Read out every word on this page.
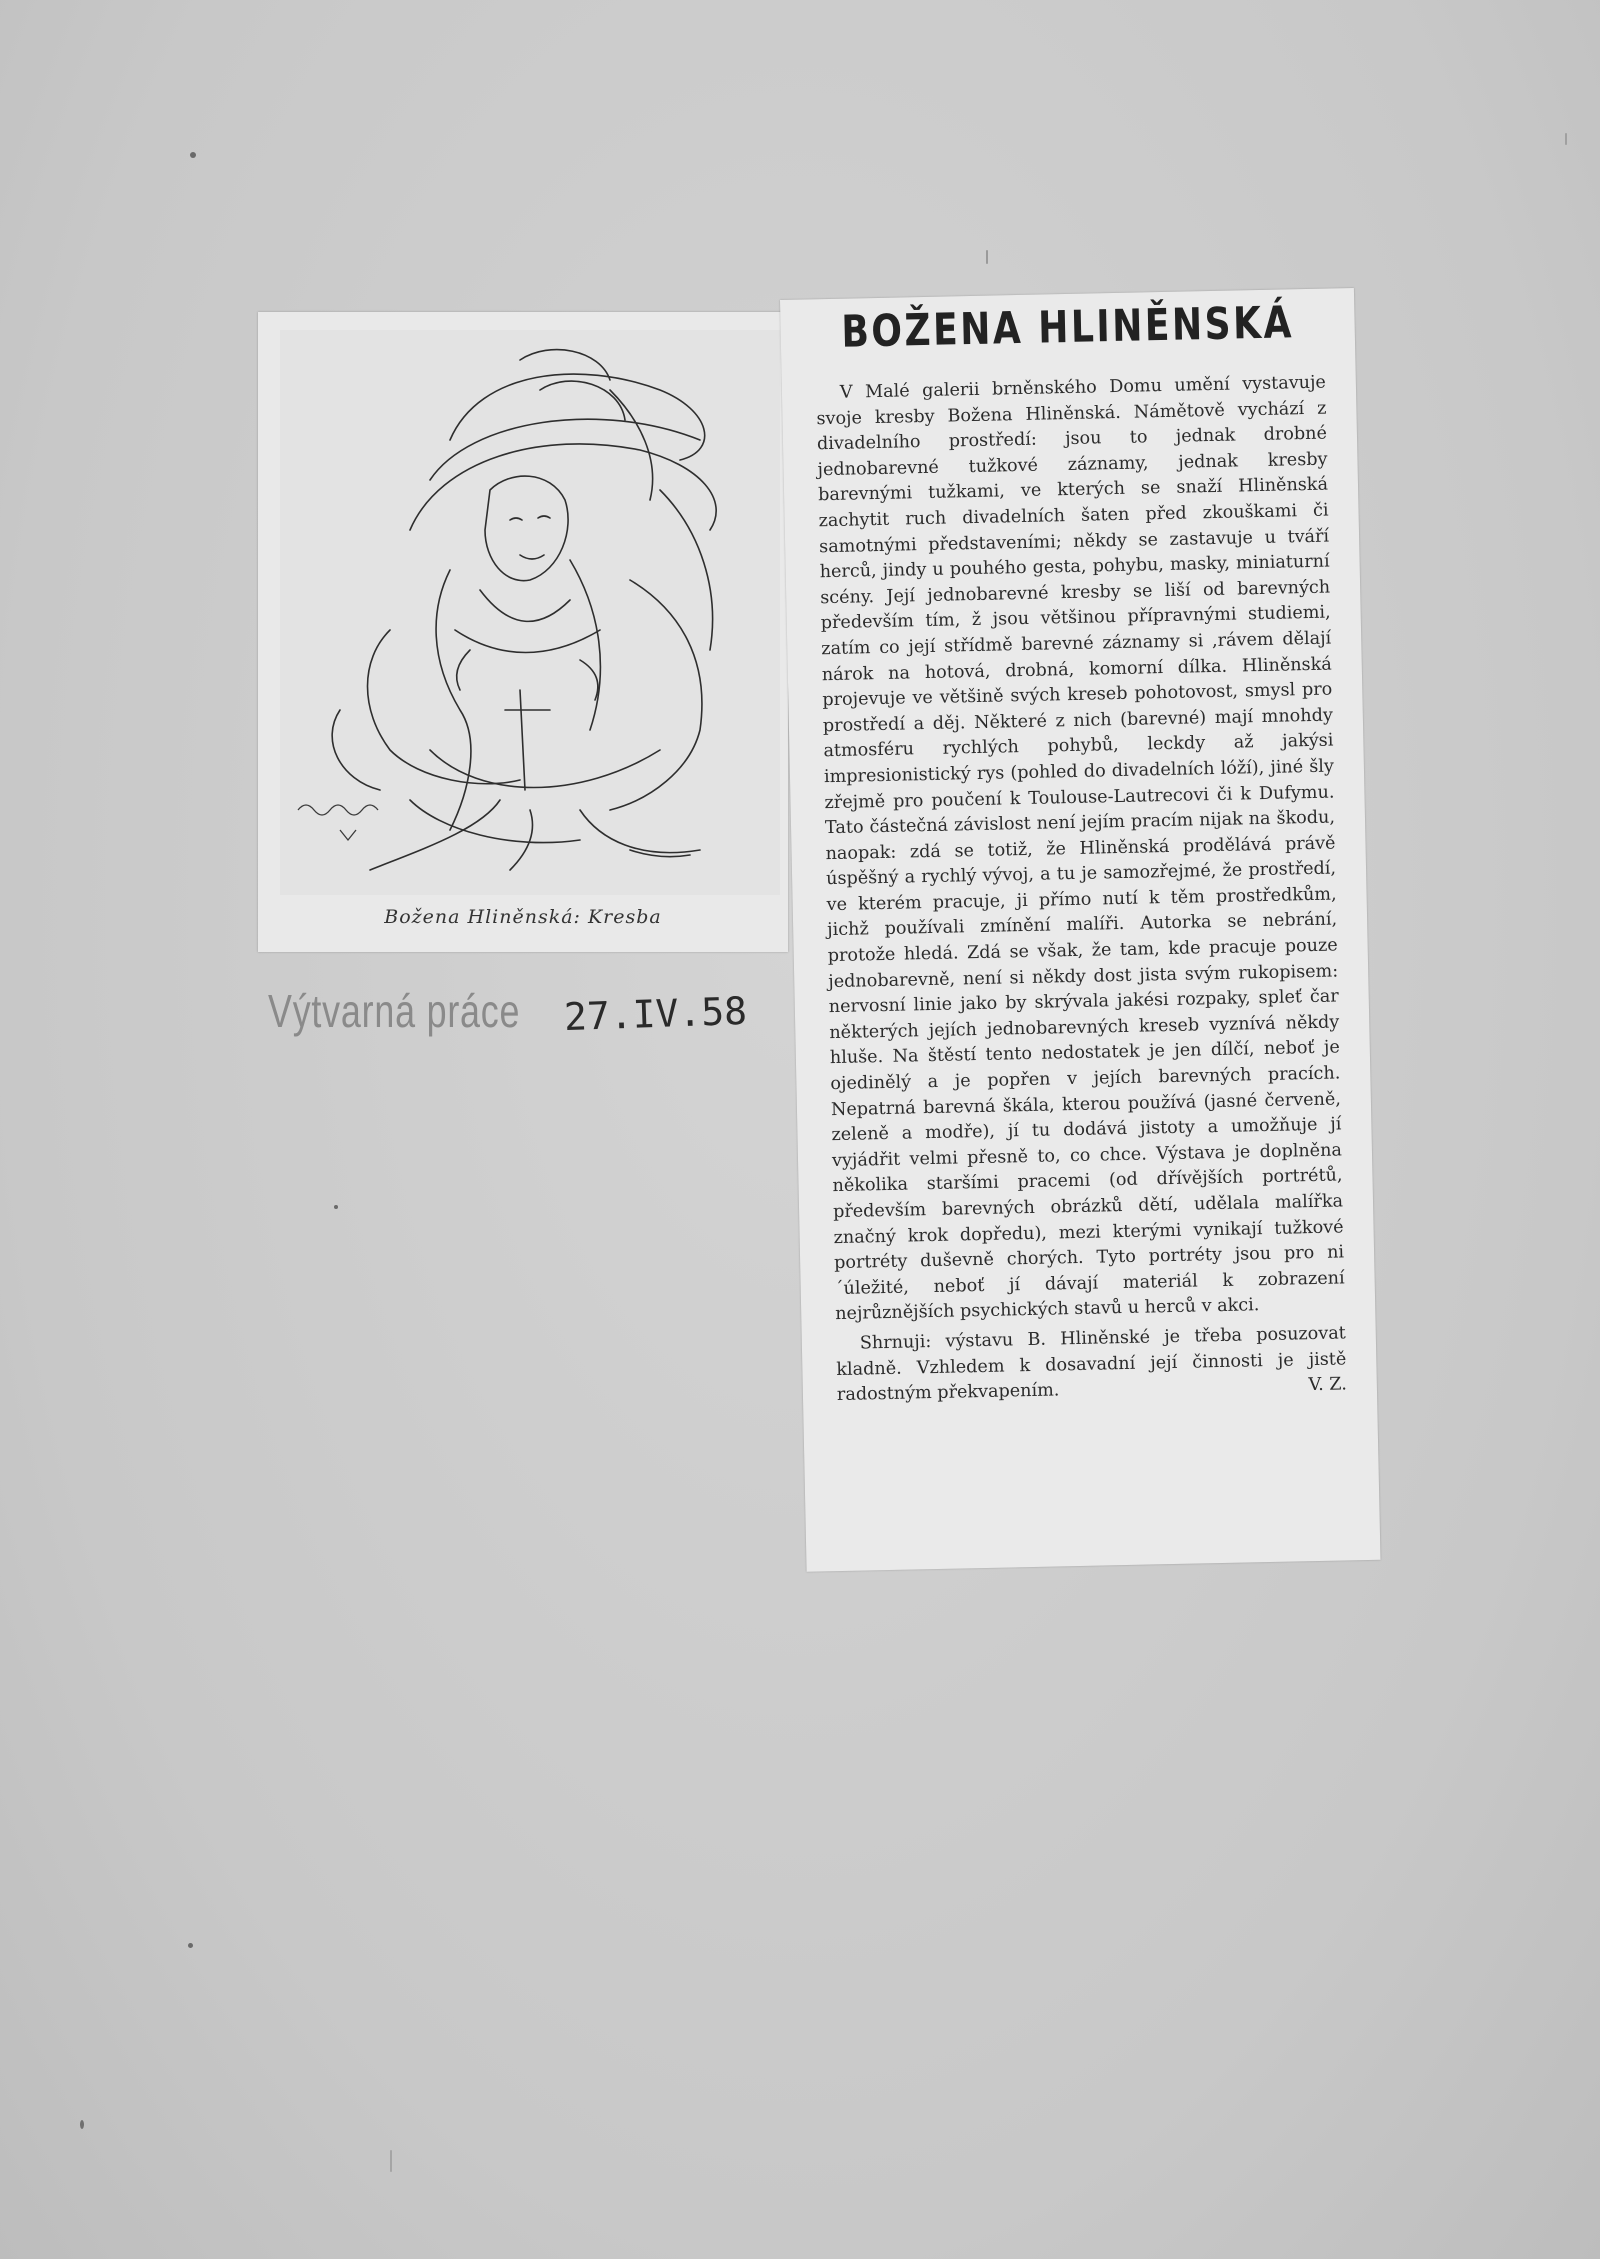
Božena Hliněnská: Kresba
Výtvarná práce 27.IV.58
BOŽENA HLINĚNSKÁ

V Malé galerii brněnského Domu umění vystavuje svoje kresby Božena Hliněnská. Námětově vychází z divadelního prostředí: jsou to jednak drobné jednobarevné tužkové záznamy, jednak kresby barevnými tužkami, ve kterých se snaží Hliněnská zachytit ruch divadelních šaten před zkouškami či samotnými představeními; někdy se zastavuje u tváří herců, jindy u pouhého gesta, pohybu, masky, miniaturní scény. Její jednobarevné kresby se liší od barevných především tím, ž jsou většinou přípravnými studiemi, zatím co její střídmě barevné záznamy si ,rávem dělají nárok na hotová, drobná, komorní dílka. Hliněnská projevuje ve většině svých kreseb pohotovost, smysl pro prostředí a děj. Některé z nich (barevné) mají mnohdy atmosféru rychlých pohybů, leckdy až jakýsi impresionistický rys (pohled do divadelních lóží), jiné šly zřejmě pro poučení k Toulouse-Lautrecovi či k Dufymu. Tato částečná závislost není jejím pracím nijak na škodu, naopak: zdá se totiž, že Hliněnská prodělává právě úspěšný a rychlý vývoj, a tu je samozřejmé, že prostředí, ve kterém pracuje, ji přímo nutí k těm prostředkům, jichž používali zmínění malíři. Autorka se nebrání, protože hledá. Zdá se však, že tam, kde pracuje pouze jednobarevně, není si někdy dost jista svým rukopisem: nervosní linie jako by skrývala jakési rozpaky, spleť čar některých jejích jednobarevných kreseb vyznívá někdy hluše. Na štěstí tento nedostatek je jen dílčí, neboť je ojedinělý a je popřen v jejích barevných pracích. Nepatrná barevná škála, kterou používá (jasné červeně, zeleně a modře), jí tu dodává jistoty a umožňuje jí vyjádřit velmi přesně to, co chce. Výstava je doplněna několika staršími pracemi (od dřívějších portrétů, především barevných obrázků dětí, udělala malířka značný krok dopředu), mezi kterými vynikají tužkové portréty duševně chorých. Tyto portréty jsou pro ni ´úležité, neboť jí dávají materiál k zobrazení nejrůznějších psychických stavů u herců v akci.

Shrnuji: výstavu B. Hliněnské je třeba posuzovat kladně. Vzhledem k dosavadní její činnosti je jistě radostným překvapením.	V. Z.
